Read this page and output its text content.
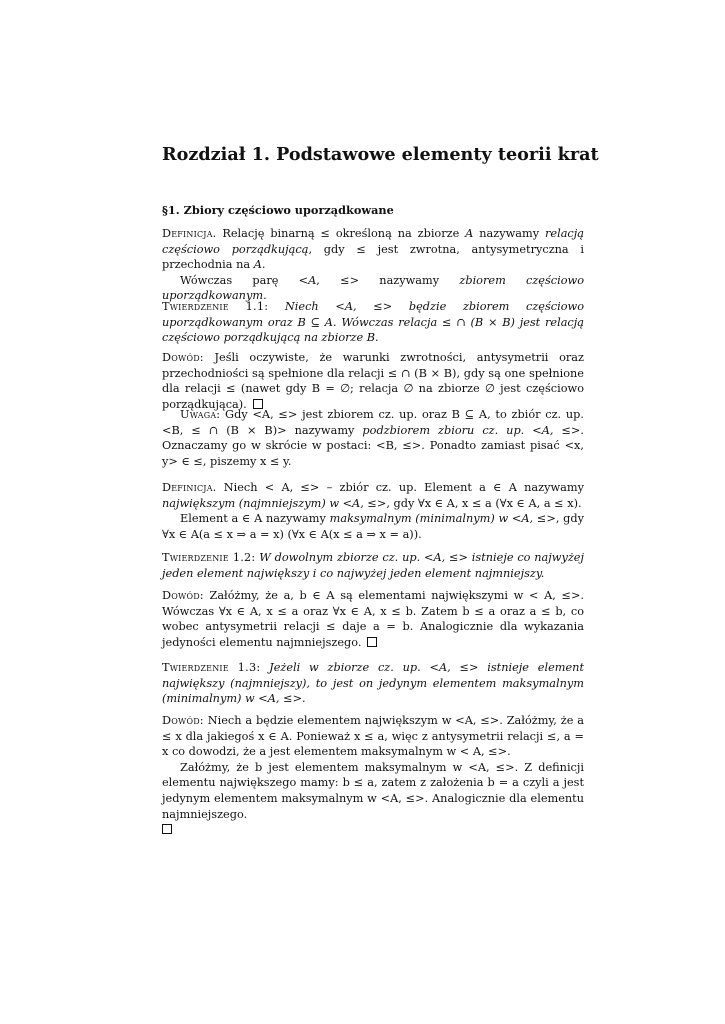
Rozdział 1. Podstawowe elementy teorii krat
§1. Zbiory częściowo uporządkowane

Definicja. Relację binarną ≤ określoną na zbiorze A nazywamy relacją częściowo porządkującą, gdy ≤ jest zwrotna, antysymetryczna i przechodnia na A.

Wówczas parę <A, ≤> nazywamy zbiorem częściowo uporządkowanym.

Twierdzenie 1.1: Niech <A, ≤> będzie zbiorem częściowo uporządkowanym oraz B ⊆ A. Wówczas relacja ≤ ∩ (B × B) jest relacją częściowo porządkującą na zbiorze B.

Dowód: Jeśli oczywiste, że warunki zwrotności, antysymetrii oraz przechodniości są spełnione dla relacji ≤ ∩ (B × B), gdy są one spełnione dla relacji ≤ (nawet gdy B = ∅; relacja ∅ na zbiorze ∅ jest częściowo porządkująca).

Uwaga: Gdy <A, ≤> jest zbiorem cz. up. oraz B ⊆ A, to zbiór cz. up. <B, ≤ ∩ (B × B)> nazywamy podzbiorem zbioru cz. up. <A, ≤>. Oznaczamy go w skrócie w postaci: <B, ≤>. Ponadto zamiast pisać <x, y> ∈ ≤, piszemy x ≤ y.

Definicja. Niech < A, ≤> – zbiór cz. up. Element a ∈ A nazywamy największym (najmniejszym) w <A, ≤>, gdy ∀x ∈ A, x ≤ a (∀x ∈ A, a ≤ x).

Element a ∈ A nazywamy maksymalnym (minimalnym) w <A, ≤>, gdy ∀x ∈ A(a ≤ x ⇒ a = x) (∀x ∈ A(x ≤ a ⇒ x = a)).

Twierdzenie 1.2: W dowolnym zbiorze cz. up. <A, ≤> istnieje co najwyżej jeden element największy i co najwyżej jeden element najmniejszy.

Dowód: Załóżmy, że a, b ∈ A są elementami największymi w < A, ≤>. Wówczas ∀x ∈ A, x ≤ a oraz ∀x ∈ A, x ≤ b. Zatem b ≤ a oraz a ≤ b, co wobec antysymetrii relacji ≤ daje a = b. Analogicznie dla wykazania jedyności elementu najmniejszego.

Twierdzenie 1.3: Jeżeli w zbiorze cz. up. <A, ≤> istnieje element największy (najmniejszy), to jest on jedynym elementem maksymalnym (minimalnym) w <A, ≤>.

Dowód: Niech a będzie elementem największym w <A, ≤>. Załóżmy, że a ≤ x dla jakiegoś x ∈ A. Ponieważ x ≤ a, więc z antysymetrii relacji ≤, a = x co dowodzi, że a jest elementem maksymalnym w < A, ≤>.

Załóżmy, że b jest elementem maksymalnym w <A, ≤>. Z definicji elementu największego mamy: b ≤ a, zatem z założenia b = a czyli a jest jedynym elementem maksymalnym w <A, ≤>. Analogicznie dla elementu najmniejszego.
